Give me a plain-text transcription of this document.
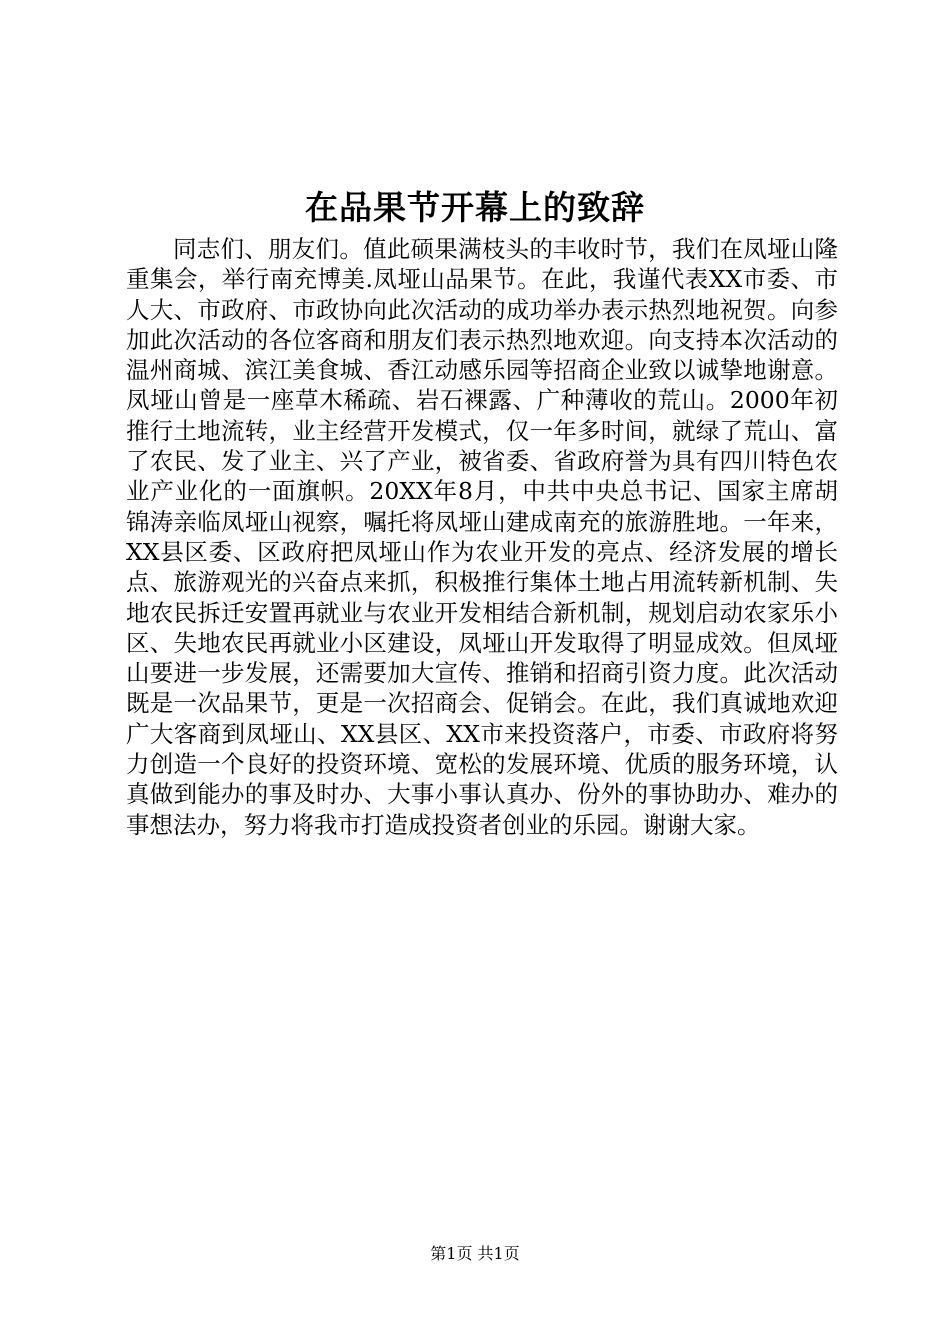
在品果节开幕上的致辞

同志们、朋友们。值此硕果满枝头的丰收时节，我们在凤垭山隆重集会，举行南充博美.凤垭山品果节。在此，我谨代表XX市委、市人大、市政府、市政协向此次活动的成功举办表示热烈地祝贺。向参加此次活动的各位客商和朋友们表示热烈地欢迎。向支持本次活动的温州商城、滨江美食城、香江动感乐园等招商企业致以诚挚地谢意。凤垭山曾是一座草木稀疏、岩石裸露、广种薄收的荒山。2000年初推行土地流转，业主经营开发模式，仅一年多时间，就绿了荒山、富了农民、发了业主、兴了产业，被省委、省政府誉为具有四川特色农业产业化的一面旗帜。20XX年8月，中共中央总书记、国家主席胡锦涛亲临凤垭山视察，嘱托将凤垭山建成南充的旅游胜地。一年来，XX县区委、区政府把凤垭山作为农业开发的亮点、经济发展的增长点、旅游观光的兴奋点来抓，积极推行集体土地占用流转新机制、失地农民拆迁安置再就业与农业开发相结合新机制，规划启动农家乐小区、失地农民再就业小区建设，凤垭山开发取得了明显成效。但凤垭山要进一步发展，还需要加大宣传、推销和招商引资力度。此次活动既是一次品果节，更是一次招商会、促销会。在此，我们真诚地欢迎广大客商到凤垭山、XX县区、XX市来投资落户，市委、市政府将努力创造一个良好的投资环境、宽松的发展环境、优质的服务环境，认真做到能办的事及时办、大事小事认真办、份外的事协助办、难办的事想法办，努力将我市打造成投资者创业的乐园。谢谢大家。

第1页 共1页
